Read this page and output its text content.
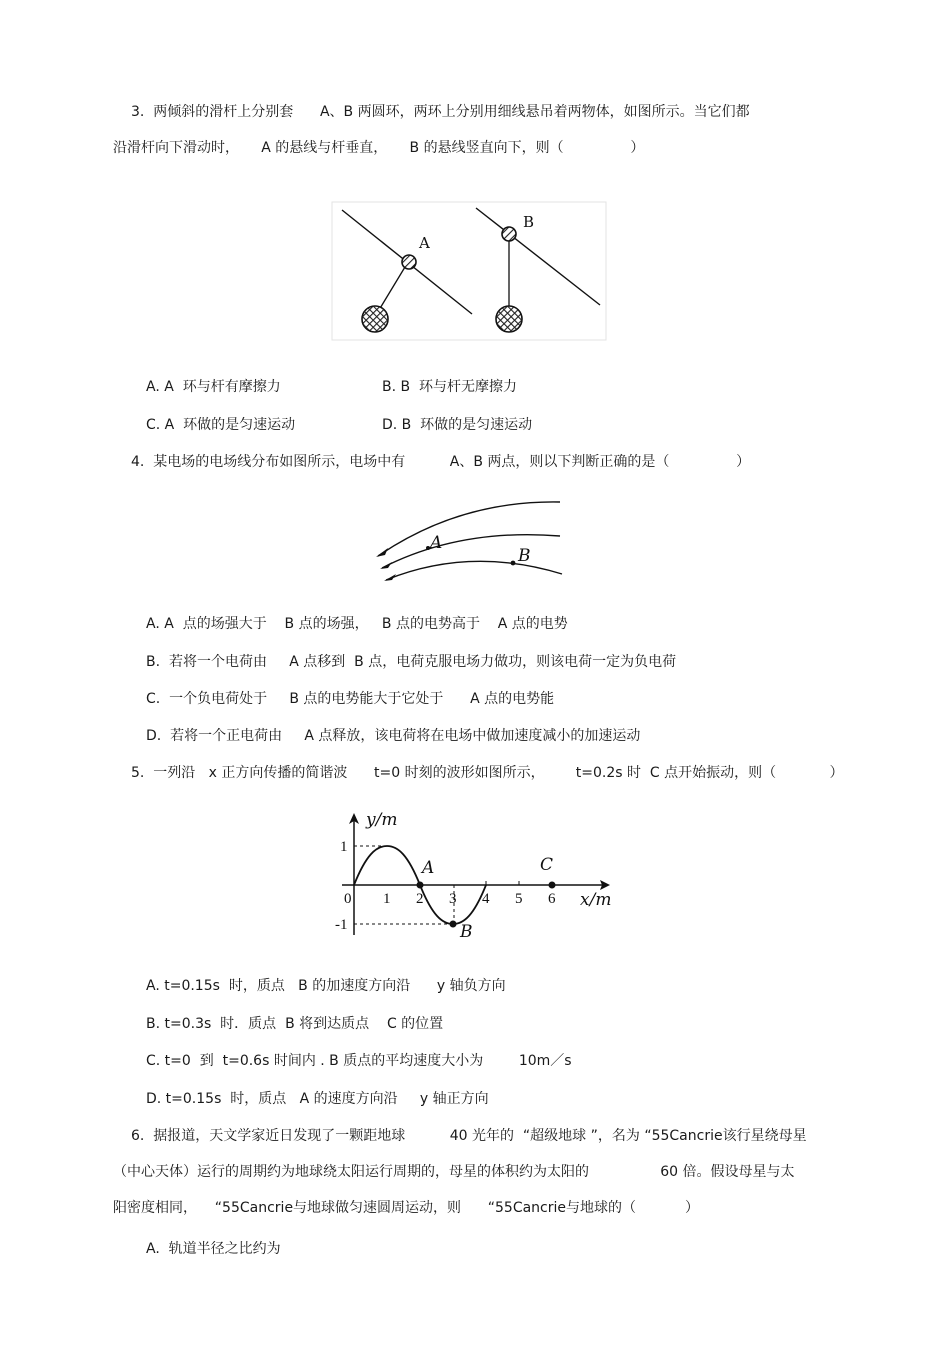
3.  两倾斜的滑杆上分别套      A、B 两圆环，两环上分别用细线悬吊着两物体，如图所示。当它们都
沿滑杆向下滑动时，     A 的悬线与杆垂直，     B 的悬线竖直向下，则（               ）
A
B
A. A  环与杆有摩擦力	B. B  环与杆无摩擦力
C. A  环做的是匀速运动	D. B  环做的是匀速运动
4.  某电场的电场线分布如图所示，电场中有          A、B 两点，则以下判断正确的是（               ）
A
B
A. A  点的场强大于    B 点的场强，   B 点的电势高于    A 点的电势
B.  若将一个电荷由     A 点移到  B 点，电荷克服电场力做功，则该电荷一定为负电荷
C.  一个负电荷处于     B 点的电势能大于它处于      A 点的电势能
D.  若将一个正电荷由     A 点释放，该电荷将在电场中做加速度减小的加速运动
5.  一列沿   x 正方向传播的简谐波      t=0 时刻的波形如图所示，       t=0.2s 时  C 点开始振动，则（            ）
y/m
x/m
1
-1
0 1 2 3 4 5 6
A
B
C
A. t=0.15s  时，质点   B 的加速度方向沿      y 轴负方向
B. t=0.3s  时．质点  B 将到达质点    C 的位置
C. t=0  到  t=0.6s 时间内 . B 质点的平均速度大小为        10m／s
D. t=0.15s  时，质点   A 的速度方向沿     y 轴正方向
6.  据报道，天文学家近日发现了一颗距地球          40 光年的  “超级地球 ”，名为 “55Cancrie该行星绕母星
（中心天体）运行的周期约为地球绕太阳运行周期的，母星的体积约为太阳的                60 倍。假设母星与太
阳密度相同，    “55Cancrie与地球做匀速圆周运动，则      “55Cancrie与地球的（           ）
A.  轨道半径之比约为
